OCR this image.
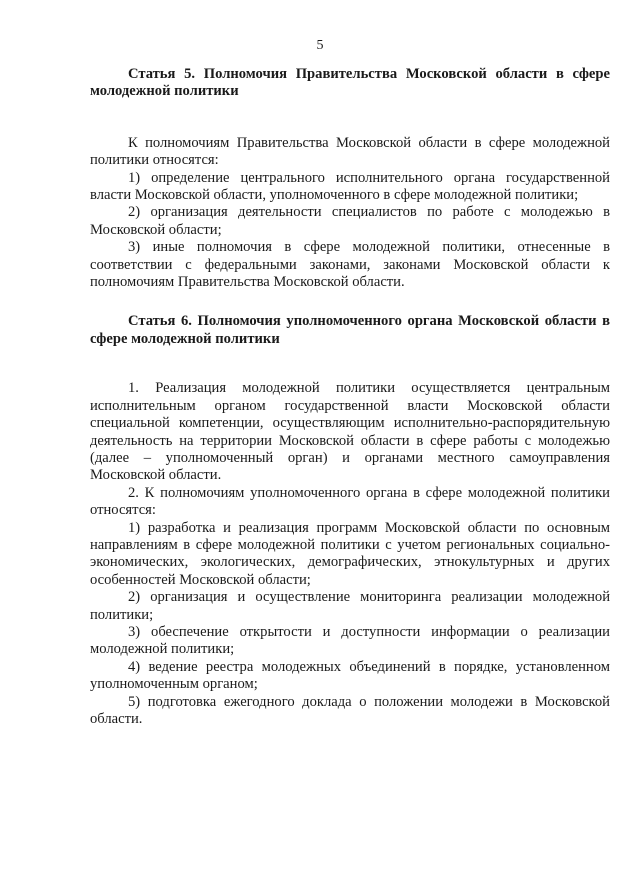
5

Статья 5. Полномочия Правительства Московской области в сфере молодежной политики

К полномочиям Правительства Московской области в сфере молодежной политики относятся:

1) определение центрального исполнительного органа государственной власти Московской области, уполномоченного в сфере молодежной политики;

2) организация деятельности специалистов по работе с молодежью в Московской области;

3) иные полномочия в сфере молодежной политики, отнесенные в соответствии с федеральными законами, законами Московской области к полномочиям Правительства Московской области.

Статья 6. Полномочия уполномоченного органа Московской области в сфере молодежной политики

1. Реализация молодежной политики осуществляется центральным исполнительным органом государственной власти Московской области специальной компетенции, осуществляющим исполнительно-распорядительную деятельность на территории Московской области в сфере работы с молодежью (далее – уполномоченный орган) и органами местного самоуправления Московской области.

2. К полномочиям уполномоченного органа в сфере молодежной политики относятся:

1) разработка и реализация программ Московской области по основным направлениям в сфере молодежной политики с учетом региональных социально-экономических, экологических, демографических, этнокультурных и других особенностей Московской области;

2) организация и осуществление мониторинга реализации молодежной политики;

3) обеспечение открытости и доступности информации о реализации молодежной политики;

4) ведение реестра молодежных объединений в порядке, установленном уполномоченным органом;

5) подготовка ежегодного доклада о положении молодежи в Московской области.
